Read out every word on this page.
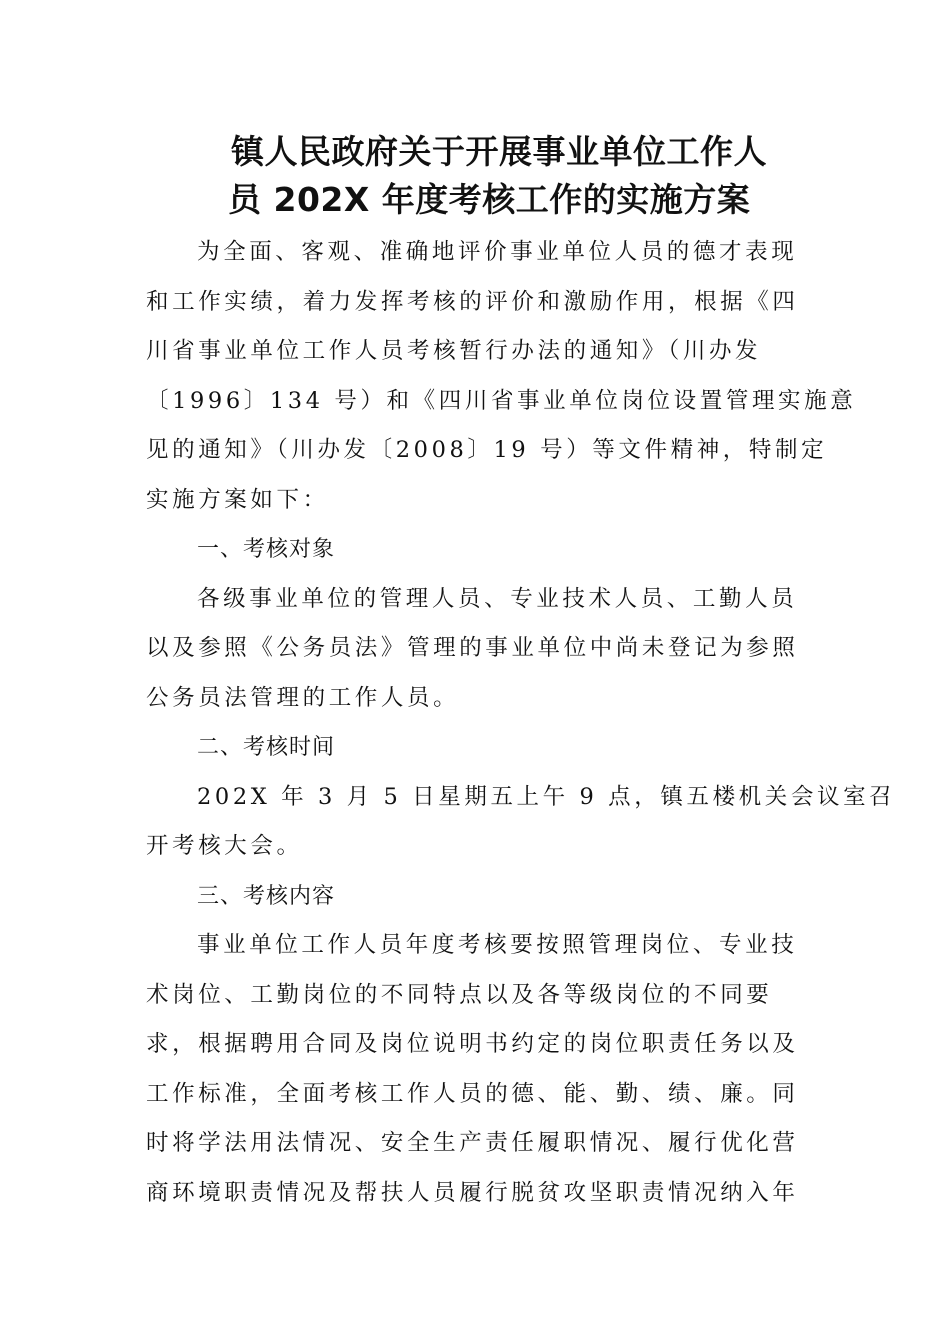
镇人民政府关于开展事业单位工作人
员 202X 年度考核工作的实施方案
为全面、客观、准确地评价事业单位人员的德才表现
和工作实绩，着力发挥考核的评价和激励作用，根据《四
川省事业单位工作人员考核暂行办法的通知》（川办发
〔1996〕134 号）和《四川省事业单位岗位设置管理实施意
见的通知》（川办发〔2008〕19 号）等文件精神，特制定
实施方案如下：
一、考核对象
各级事业单位的管理人员、专业技术人员、工勤人员
以及参照《公务员法》管理的事业单位中尚未登记为参照
公务员法管理的工作人员。
二、考核时间
202X 年 3 月 5 日星期五上午 9 点，镇五楼机关会议室召
开考核大会。
三、考核内容
事业单位工作人员年度考核要按照管理岗位、专业技
术岗位、工勤岗位的不同特点以及各等级岗位的不同要
求，根据聘用合同及岗位说明书约定的岗位职责任务以及
工作标准，全面考核工作人员的德、能、勤、绩、廉。同
时将学法用法情况、安全生产责任履职情况、履行优化营
商环境职责情况及帮扶人员履行脱贫攻坚职责情况纳入年
